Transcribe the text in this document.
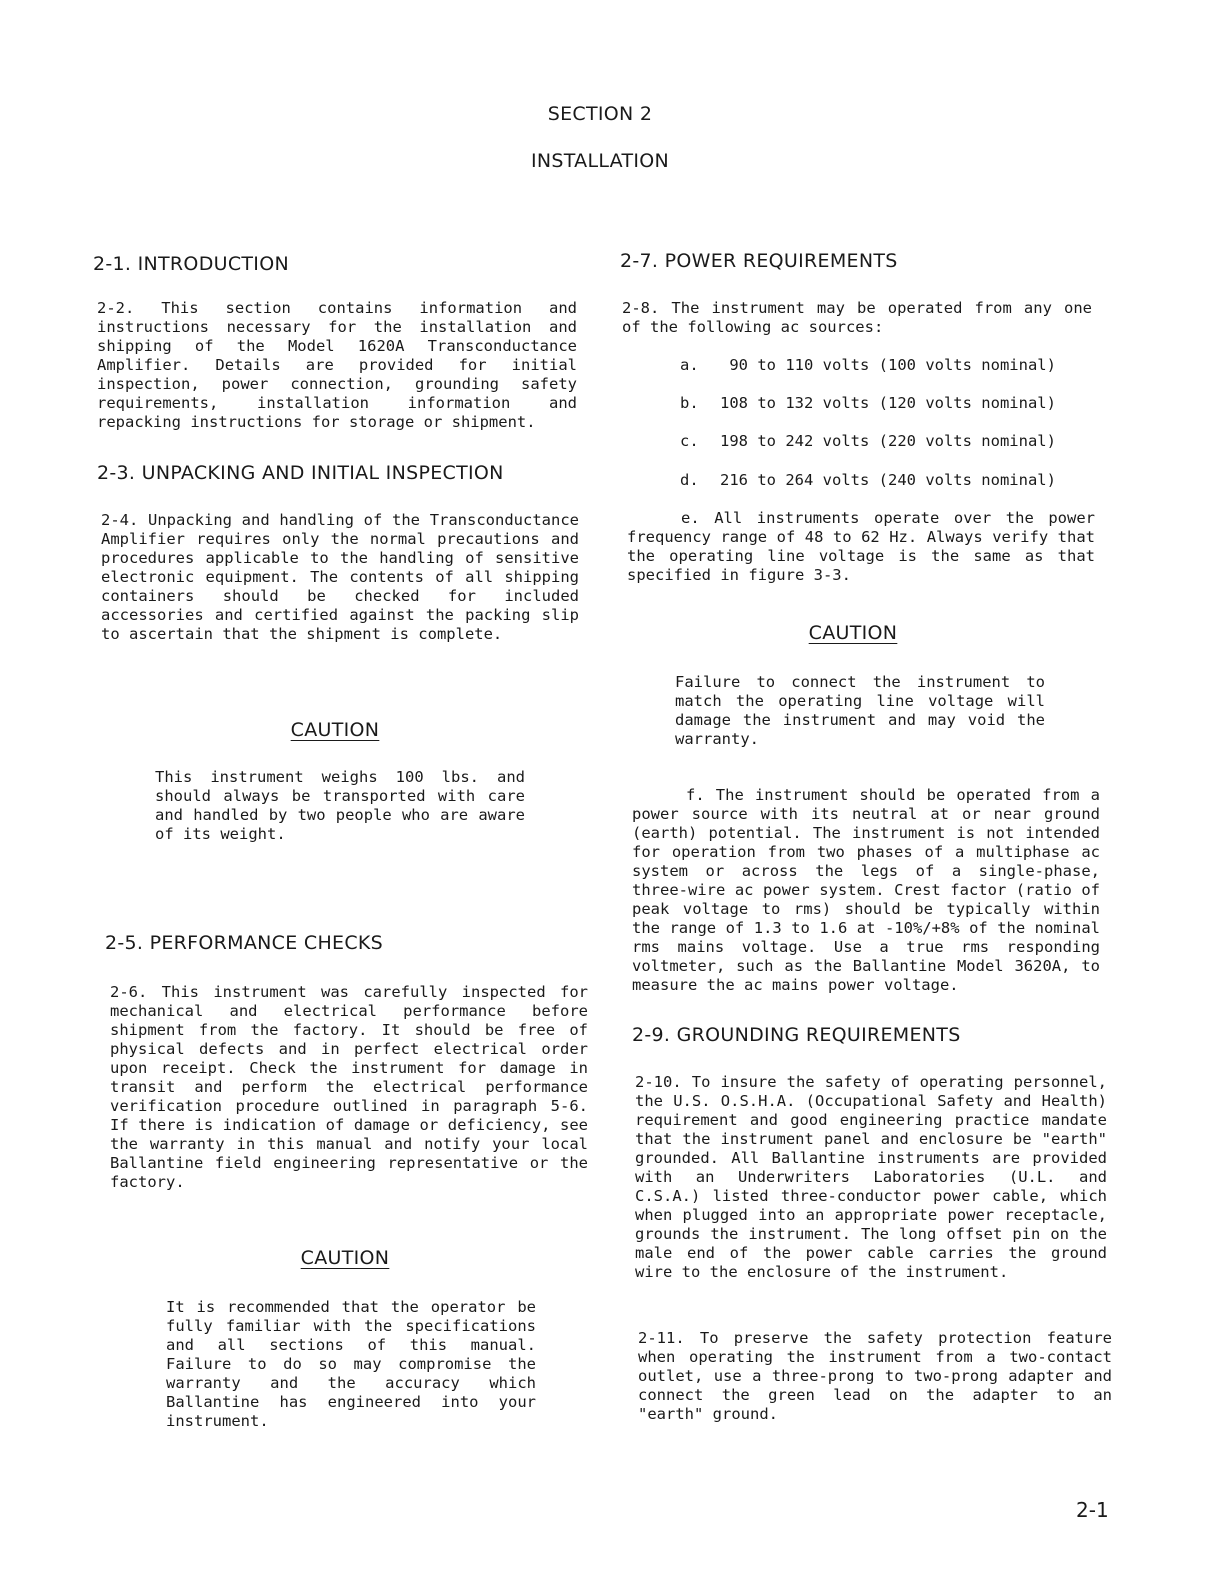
SECTION 2
INSTALLATION
2-1. INTRODUCTION
2-2. This section contains information and instructions necessary for the installation and shipping of the Model 1620A Transconductance Amplifier. Details are provided for initial inspection, power connection, grounding safety requirements, installation information and repacking instructions for storage or shipment.
2-3. UNPACKING AND INITIAL INSPECTION
2-4. Unpacking and handling of the Transconductance Amplifier requires only the normal precautions and procedures applicable to the handling of sensitive electronic equipment. The contents of all shipping containers should be checked for included accessories and certified against the packing slip to ascertain that the shipment is complete.
CAUTION
This instrument weighs 100 lbs. and should always be transported with care and handled by two people who are aware of its weight.
2-5. PERFORMANCE CHECKS
2-6. This instrument was carefully inspected for mechanical and electrical performance before shipment from the factory. It should be free of physical defects and in perfect electrical order upon receipt. Check the instrument for damage in transit and perform the electrical performance verification procedure outlined in paragraph 5-6. If there is indication of damage or deficiency, see the warranty in this manual and notify your local Ballantine field engineering representative or the factory.
CAUTION
It is recommended that the operator be fully familiar with the specifications and all sections of this manual. Failure to do so may compromise the warranty and the accuracy which Ballantine has engineered into your instrument.
2-7. POWER REQUIREMENTS
2-8. The instrument may be operated from any one of the following ac sources:
a.  90 to 110 volts (100 volts nominal)
b. 108 to 132 volts (120 volts nominal)
c. 198 to 242 volts (220 volts nominal)
d. 216 to 264 volts (240 volts nominal)
e. All instruments operate over the power frequency range of 48 to 62 Hz. Always verify that the operating line voltage is the same as that specified in figure 3-3.
CAUTION
Failure to connect the instrument to match the operating line voltage will damage the instrument and may void the warranty.
f. The instrument should be operated from a power source with its neutral at or near ground (earth) potential. The instrument is not intended for operation from two phases of a multiphase ac system or across the legs of a single-phase, three-wire ac power system. Crest factor (ratio of peak voltage to rms) should be typically within the range of 1.3 to 1.6 at -10%/+8% of the nominal rms mains voltage. Use a true rms responding voltmeter, such as the Ballantine Model 3620A, to measure the ac mains power voltage.
2-9. GROUNDING REQUIREMENTS
2-10. To insure the safety of operating personnel, the U.S. O.S.H.A. (Occupational Safety and Health) requirement and good engineering practice mandate that the instrument panel and enclosure be "earth" grounded. All Ballantine instruments are provided with an Underwriters Laboratories (U.L. and C.S.A.) listed three-conductor power cable, which when plugged into an appropriate power receptacle, grounds the instrument. The long offset pin on the male end of the power cable carries the ground wire to the enclosure of the instrument.
2-11. To preserve the safety protection feature when operating the instrument from a two-contact outlet, use a three-prong to two-prong adapter and connect the green lead on the adapter to an "earth" ground.
2-1
